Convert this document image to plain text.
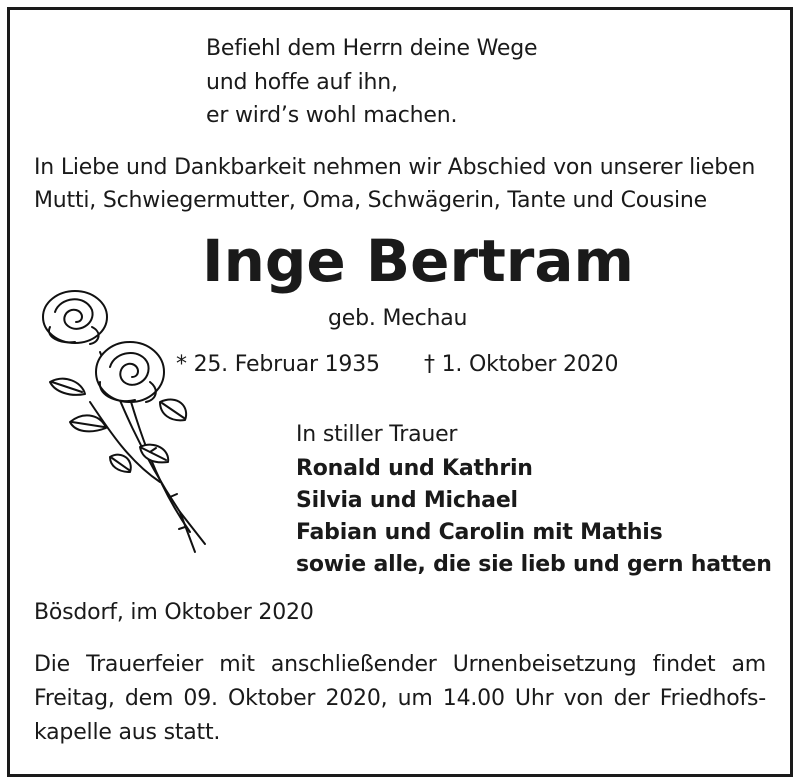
Befiehl dem Herrn deine Wege
und hoffe auf ihn,
er wird’s wohl machen.
In Liebe und Dankbarkeit nehmen wir Abschied von unserer lieben
Mutti, Schwiegermutter, Oma, Schwägerin, Tante und Cousine
Inge Bertram
geb. Mechau
* 25. Februar 1935 † 1. Oktober 2020
In stiller Trauer
Ronald und Kathrin
Silvia und Michael
Fabian und Carolin mit Mathis
sowie alle, die sie lieb und gern hatten
Bösdorf, im Oktober 2020
Die Trauerfeier mit anschließender Urnenbeisetzung findet am Freitag, dem 09. Oktober 2020, um 14.00 Uhr von der Friedhofs-kapelle aus statt.
